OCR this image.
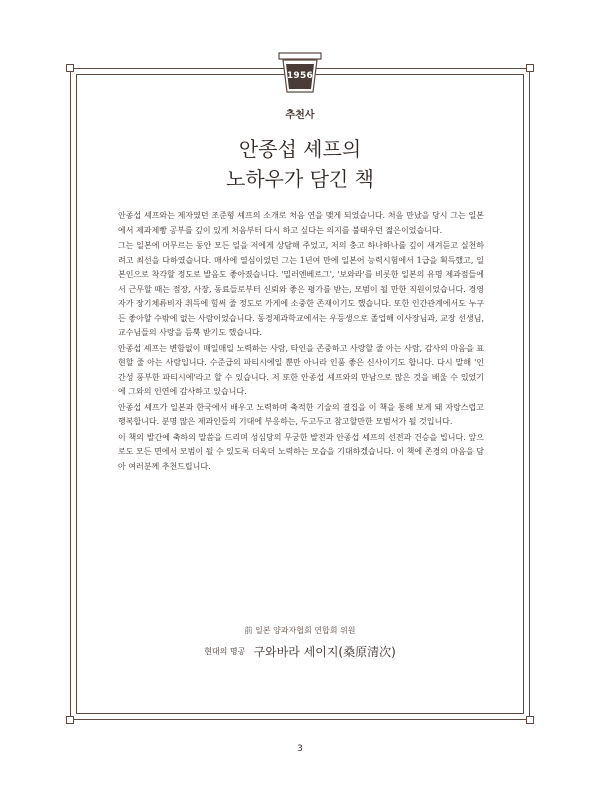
1956
추천사
안종섭 셰프의
노하우가 담긴 책

안종섭 셰프와는 제자였던 조준형 셰프의 소개로 처음 연을 맺게 되었습니다. 처음 만났을 당시 그는 일본에서 제과제빵 공부를 깊이 있게 처음부터 다시 하고 싶다는 의지를 불태우던 젊은이었습니다.

그는 일본에 머무르는 동안 모든 일을 저에게 상담해 주었고, 저의 충고 하나하나를 깊이 새겨듣고 실천하려고 최선을 다하였습니다. 매사에 열심이었던 그는 1년여 만에 일본어 능력시험에서 1급을 획득했고, 일본인으로 착각할 정도로 발음도 좋아졌습니다. '밀러엔베르그', '보와라'를 비롯한 일본의 유명 제과점들에서 근무할 때는 점장, 사장, 동료들로부터 신뢰와 좋은 평가를 받는, 모범이 될 만한 직원이었습니다. 경영자가 장기체류비자 취득에 힘써 줄 정도로 가게에 소중한 존재이기도 했습니다. 또한 인간관계에서도 누구든 좋아할 수밖에 없는 사람이었습니다. 동경제과학교에서는 우등생으로 졸업해 이사장님과, 교장 선생님, 교수님들의 사랑을 듬뿍 받기도 했습니다.

안종섭 셰프는 변함없이 매일매일 노력하는 사람, 타인을 존중하고 사랑할 줄 아는 사람, 감사의 마음을 표현할 줄 아는 사람입니다. 수준급의 파티시에일 뿐만 아니라 인품 좋은 신사이기도 합니다. 다시 말해 '인간성 풍부한 파티시에'라고 할 수 있습니다. 저 또한 안종섭 셰프와의 만남으로 많은 것을 배울 수 있었기에 그와의 인연에 감사하고 있습니다.

안종섭 셰프가 일본과 한국에서 배우고 노력하며 축적한 기술의 결집을 이 책을 통해 보게 돼 자랑스럽고 행복합니다. 분명 많은 제과인들의 기대에 부응하는, 두고두고 참고할만한 모범서가 될 것입니다.

이 책의 발간에 축하의 말씀을 드리며 성심당의 무궁한 발전과 안종섭 셰프의 선전과 건승을 빕니다. 앞으로도 모든 면에서 모범이 될 수 있도록 더욱더 노력하는 모습을 기대하겠습니다. 이 책에 존경의 마음을 담아 여러분께 추천드립니다.

前 일본 양과자협회 연합회 위원
현대의 명공 구와바라 세이지(桑原清次)
3
